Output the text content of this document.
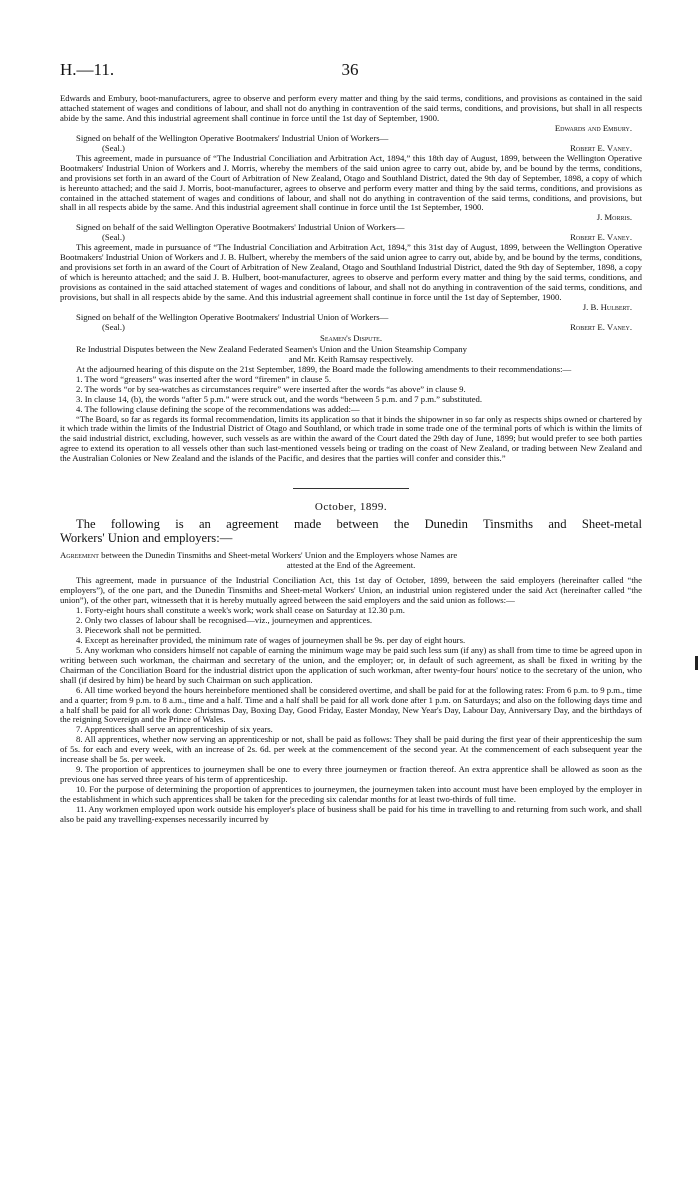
H.—11.	36

Edwards and Embury, boot-manufacturers, agree to observe and perform every matter and thing by the said terms, conditions, and provisions as contained in the said attached statement of wages and conditions of labour, and shall not do anything in contravention of the said terms, conditions, and provisions, but shall in all respects abide by the same. And this industrial agreement shall continue in force until the 1st day of September, 1900.

Edwards and Embury.

Signed on behalf of the Wellington Operative Bootmakers' Industrial Union of Workers—

(Seal.)	Robert E. Vaney.

This agreement, made in pursuance of “The Industrial Conciliation and Arbitration Act, 1894,” this 18th day of August, 1899, between the Wellington Operative Bootmakers' Industrial Union of Workers and J. Morris, whereby the members of the said union agree to carry out, abide by, and be bound by the terms, conditions, and provisions set forth in an award of the Court of Arbitration of New Zealand, Otago and Southland District, dated the 9th day of September, 1898, a copy of which is hereunto attached; and the said J. Morris, boot-manufacturer, agrees to observe and perform every matter and thing by the said terms, conditions, and provisions as contained in the attached statement of wages and conditions of labour, and shall not do anything in contravention of the said terms, conditions, and provisions, but shall in all respects abide by the same. And this industrial agreement shall continue in force until the 1st September, 1900.

J. Morris.

Signed on behalf of the said Wellington Operative Bootmakers' Industrial Union of Workers—

(Seal.)	Robert E. Vaney.

This agreement, made in pursuance of “The Industrial Conciliation and Arbitration Act, 1894,” this 31st day of August, 1899, between the Wellington Operative Bootmakers' Industrial Union of Workers and J. B. Hulbert, whereby the members of the said union agree to carry out, abide by, and be bound by the terms, conditions, and provisions set forth in an award of the Court of Arbitration of New Zealand, Otago and Southland Industrial District, dated the 9th day of September, 1898, a copy of which is hereunto attached; and the said J. B. Hulbert, boot-manufacturer, agrees to observe and perform every matter and thing by the said terms, conditions, and provisions as contained in the said attached statement of wages and conditions of labour, and shall not do anything in contravention of the said terms, conditions, and provisions, but shall in all respects abide by the same. And this industrial agreement shall continue in force until the 1st day of September, 1900.

J. B. Hulbert.

Signed on behalf of the Wellington Operative Bootmakers' Industrial Union of Workers—

(Seal.)	Robert E. Vaney.

Seamen's Dispute.

Re Industrial Disputes between the New Zealand Federated Seamen's Union and the Union Steamship Company

and Mr. Keith Ramsay respectively.

At the adjourned hearing of this dispute on the 21st September, 1899, the Board made the following amendments to their recommendations:—

1. The word “greasers” was inserted after the word “firemen” in clause 5.

2. The words “or by sea-watches as circumstances require” were inserted after the words “as above” in clause 9.

3. In clause 14, (b), the words “after 5 p.m.” were struck out, and the words “between 5 p.m. and 7 p.m.” substituted.

4. The following clause defining the scope of the recommendations was added:—

“The Board, so far as regards its formal recommendation, limits its application so that it binds the shipowner in so far only as respects ships owned or chartered by it which trade within the limits of the Industrial District of Otago and Southland, or which trade in some trade one of the terminal ports of which is within the limits of the said industrial district, excluding, however, such vessels as are within the award of the Court dated the 29th day of June, 1899; but would prefer to see both parties agree to extend its operation to all vessels other than such last-mentioned vessels being or trading on the coast of New Zealand, or trading between New Zealand and the Australian Colonies or New Zealand and the islands of the Pacific, and desires that the parties will confer and consider this.”

October, 1899.

The following is an agreement made between the Dunedin Tinsmiths and Sheet-metal

Workers' Union and employers:—

Agreement between the Dunedin Tinsmiths and Sheet-metal Workers' Union and the Employers whose Names are
attested at the End of the Agreement.

This agreement, made in pursuance of the Industrial Conciliation Act, this 1st day of October, 1899, between the said employers (hereinafter called “the employers”), of the one part, and the Dunedin Tinsmiths and Sheet-metal Workers' Union, an industrial union registered under the said Act (hereinafter called “the union”), of the other part, witnesseth that it is hereby mutually agreed between the said employers and the said union as follows:—

1. Forty-eight hours shall constitute a week's work; work shall cease on Saturday at 12.30 p.m.

2. Only two classes of labour shall be recognised—viz., journeymen and apprentices.

3. Piecework shall not be permitted.

4. Except as hereinafter provided, the minimum rate of wages of journeymen shall be 9s. per day of eight hours.

5. Any workman who considers himself not capable of earning the minimum wage may be paid such less sum (if any) as shall from time to time be agreed upon in writing between such workman, the chairman and secretary of the union, and the employer; or, in default of such agreement, as shall be fixed in writing by the Chairman of the Conciliation Board for the industrial district upon the application of such workman, after twenty-four hours' notice to the secretary of the union, who shall (if desired by him) be heard by such Chairman on such application.

6. All time worked beyond the hours hereinbefore mentioned shall be considered overtime, and shall be paid for at the following rates: From 6 p.m. to 9 p.m., time and a quarter; from 9 p.m. to 8 a.m., time and a half. Time and a half shall be paid for all work done after 1 p.m. on Saturdays; and also on the following days time and a half shall be paid for all work done: Christmas Day, Boxing Day, Good Friday, Easter Monday, New Year's Day, Labour Day, Anniversary Day, and the birthdays of the reigning Sovereign and the Prince of Wales.

7. Apprentices shall serve an apprenticeship of six years.

8. All apprentices, whether now serving an apprenticeship or not, shall be paid as follows: They shall be paid during the first year of their apprenticeship the sum of 5s. for each and every week, with an increase of 2s. 6d. per week at the commencement of the second year. At the commencement of each subsequent year the increase shall be 5s. per week.

9. The proportion of apprentices to journeymen shall be one to every three journeymen or fraction thereof. An extra apprentice shall be allowed as soon as the previous one has served three years of his term of apprenticeship.

10. For the purpose of determining the proportion of apprentices to journeymen, the journeymen taken into account must have been employed by the employer in the establishment in which such apprentices shall be taken for the preceding six calendar months for at least two-thirds of full time.

11. Any workmen employed upon work outside his employer's place of business shall be paid for his time in travelling to and returning from such work, and shall also be paid any travelling-expenses necessarily incurred by
